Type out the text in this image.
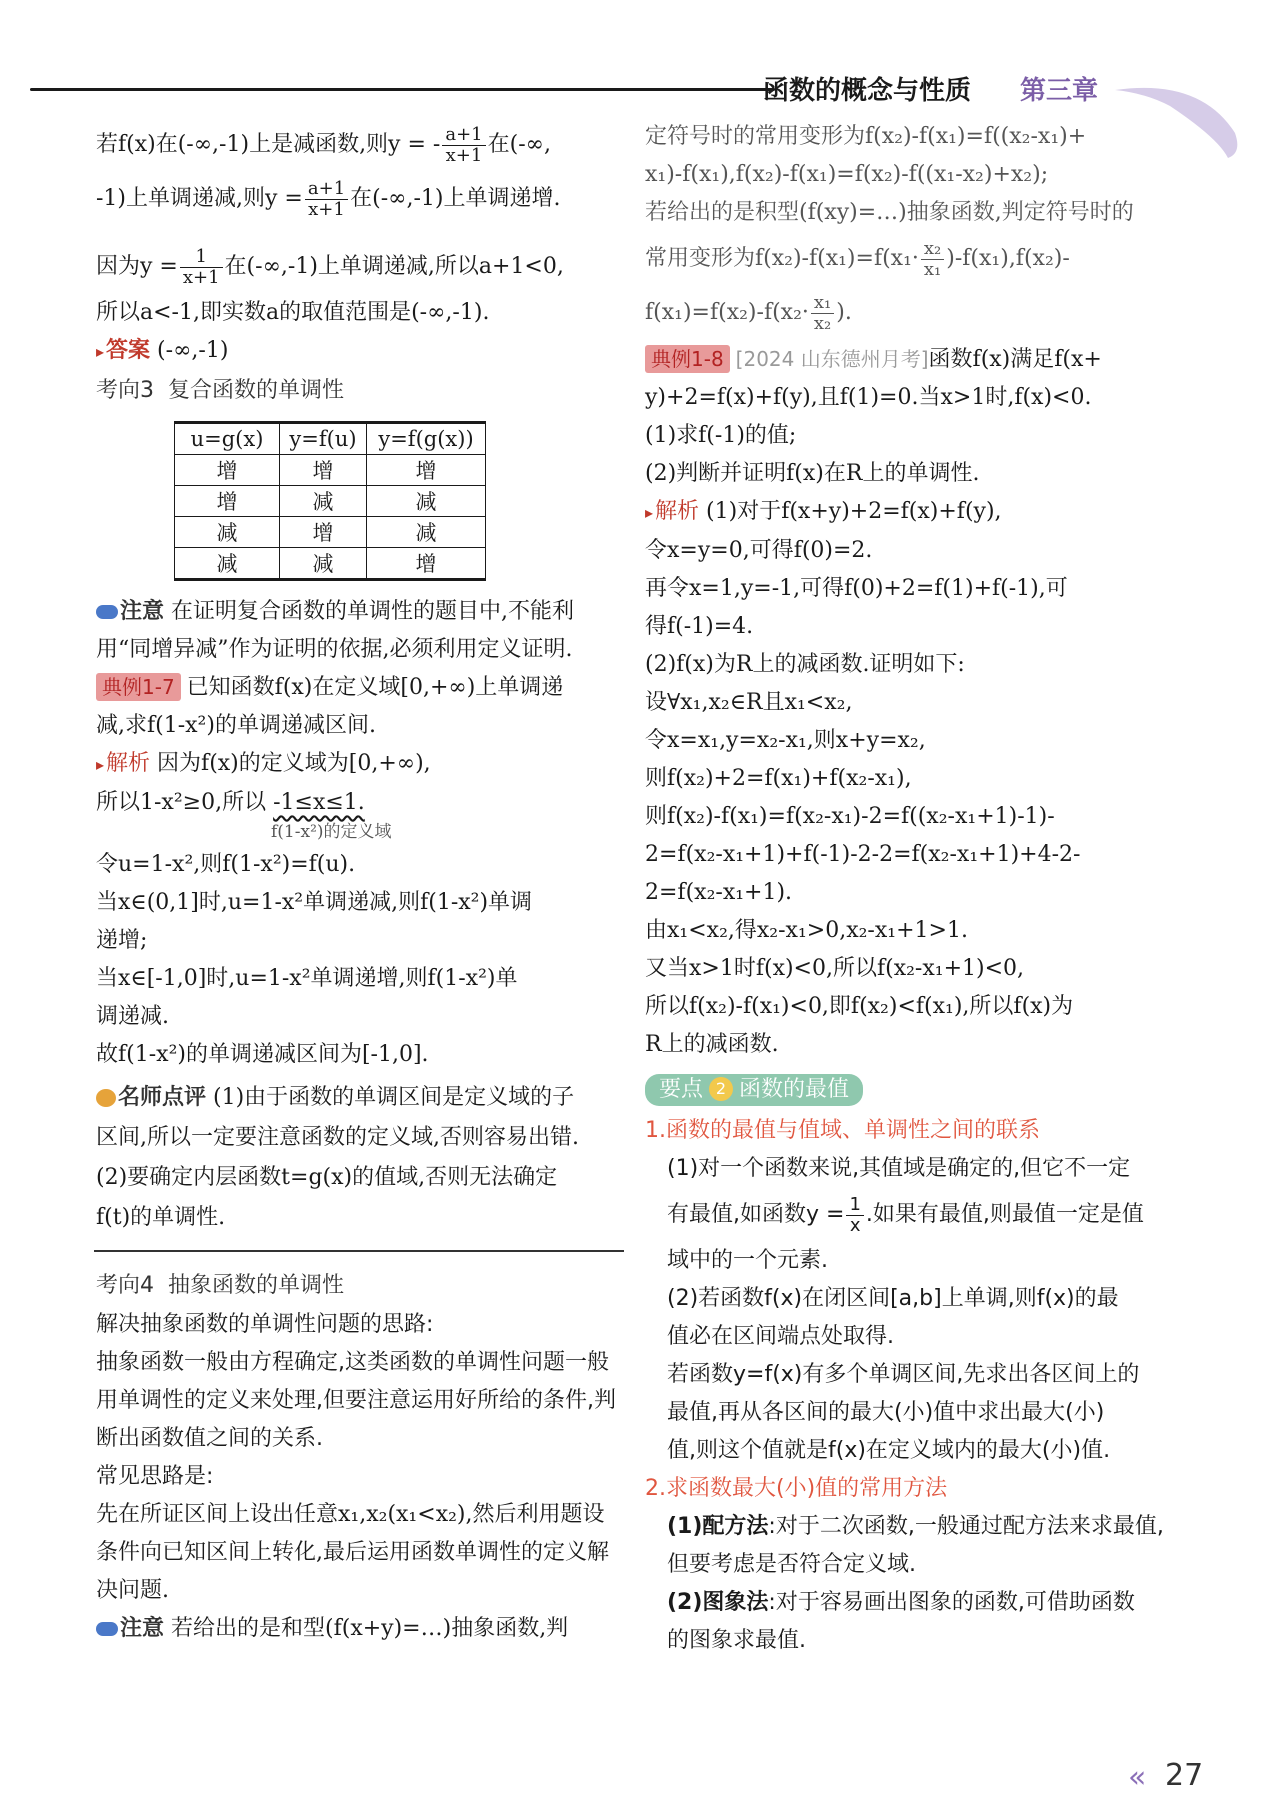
函数的概念与性质 第三章

若f(x)在(-∞,-1)上是减函数,则y = - $\frac{a+1}{x+1}$ 在(-∞,

-1)上单调递减,则$y = \frac{a+1}{x+1}$ 在(-∞,-1)上单调递增.

因为$y = \frac{1}{x+1}$ 在(-∞,-1)上单调递减,所以a+1<0,

所以a<-1,即实数a的取值范围是(-∞,-1).

▸ 答案 (-∞,-1)

考向3 复合函数的单调性

u=g(x)	y=f(u)	y=f(g(x))
增	增	增
增	减	减
减	增	减
减	减	增

注意 在证明复合函数的单调性的题目中,不能利用“同增异减”作为证明的依据,必须利用定义证明.

典例1-7 已知函数f(x)在定义域[0,+∞)上单调递

减,求f(1-x²)的单调递减区间.

▸ 解析 因为f(x)的定义域为[0,+∞),

所以1-x²≥0,所以 -1≤x≤1.

f(1-x²)的定义域

令u=1-x²,则f(1-x²)=f(u).

当x∈(0,1]时,u=1-x²单调递减,则f(1-x²)单调

递增;

当x∈[-1,0]时,u=1-x²单调递增,则f(1-x²)单

调递减.

故f(1-x²)的单调递减区间为[-1,0].

名师点评 (1)由于函数的单调区间是定义域的子

区间,所以一定要注意函数的定义域,否则容易出错.

(2)要确定内层函数t=g(x)的值域,否则无法确定

f(t)的单调性.

考向4 抽象函数的单调性

解决抽象函数的单调性问题的思路:

抽象函数一般由方程确定,这类函数的单调性问题一般用单调性的定义来处理,但要注意运用好所给的条件,判断出函数值之间的关系.

常见思路是:

先在所证区间上设出任意x₁,x₂(x₁<x₂),然后利用题设条件向已知区间上转化,最后运用函数单调性的定义解决问题.

注意 若给出的是和型(f(x+y)=…)抽象函数,判

定符号时的常用变形为f(x₂)-f(x₁)=f((x₂-x₁)+

x₁)-f(x₁),f(x₂)-f(x₁)=f(x₂)-f((x₁-x₂)+x₂);

若给出的是积型(f(xy)=…)抽象函数,判定符号时的

常用变形为$f(x_2)-f(x_1)=f(x_1\cdot \frac{\text{x₂}}{\text{x₁}} )-f(x_1),f(x_2)-$

$f(x_1)=f(x_2)-f(x_2\cdot \frac{\text{x₁}}{\text{x₂}}$ ).

典例1-8 [2024 山东德州月考]函数f(x)满足f(x+

y)+2=f(x)+f(y),且f(1)=0.当x>1时,f(x)<0.

(1)求f(-1)的值;

(2)判断并证明f(x)在R上的单调性.

▸ 解析 (1)对于f(x+y)+2=f(x)+f(y),

令x=y=0,可得f(0)=2.

再令x=1,y=-1,可得f(0)+2=f(1)+f(-1),可

得f(-1)=4.

(2)f(x)为R上的减函数.证明如下:

设∀x₁,x₂∈R且x₁<x₂,

令x=x₁,y=x₂-x₁,则x+y=x₂,

则f(x₂)+2=f(x₁)+f(x₂-x₁),

则f(x₂)-f(x₁)=f(x₂-x₁)-2=f((x₂-x₁+1)-1)-

2=f(x₂-x₁+1)+f(-1)-2-2=f(x₂-x₁+1)+4-2-

2=f(x₂-x₁+1).

由x₁<x₂,得x₂-x₁>0,x₂-x₁+1>1.

又当x>1时f(x)<0,所以f(x₂-x₁+1)<0,

所以f(x₂)-f(x₁)<0,即f(x₂)<f(x₁),所以f(x)为

R上的减函数.

要点 2 函数的最值

1.函数的最值与值域、单调性之间的联系

(1)对一个函数来说,其值域是确定的,但它不一定

有最值,如函数$y = \frac{1}{x}$ .如果有最值,则最值一定是值

域中的一个元素.

(2)若函数f(x)在闭区间[a,b]上单调,则f(x)的最

值必在区间端点处取得.

若函数y=f(x)有多个单调区间,先求出各区间上的

最值,再从各区间的最大(小)值中求出最大(小)

值,则这个值就是f(x)在定义域内的最大(小)值.

2.求函数最大(小)值的常用方法

(1)配方法:对于二次函数,一般通过配方法来求最值,

但要考虑是否符合定义域.

(2)图象法:对于容易画出图象的函数,可借助函数

的图象求最值.

« 27
